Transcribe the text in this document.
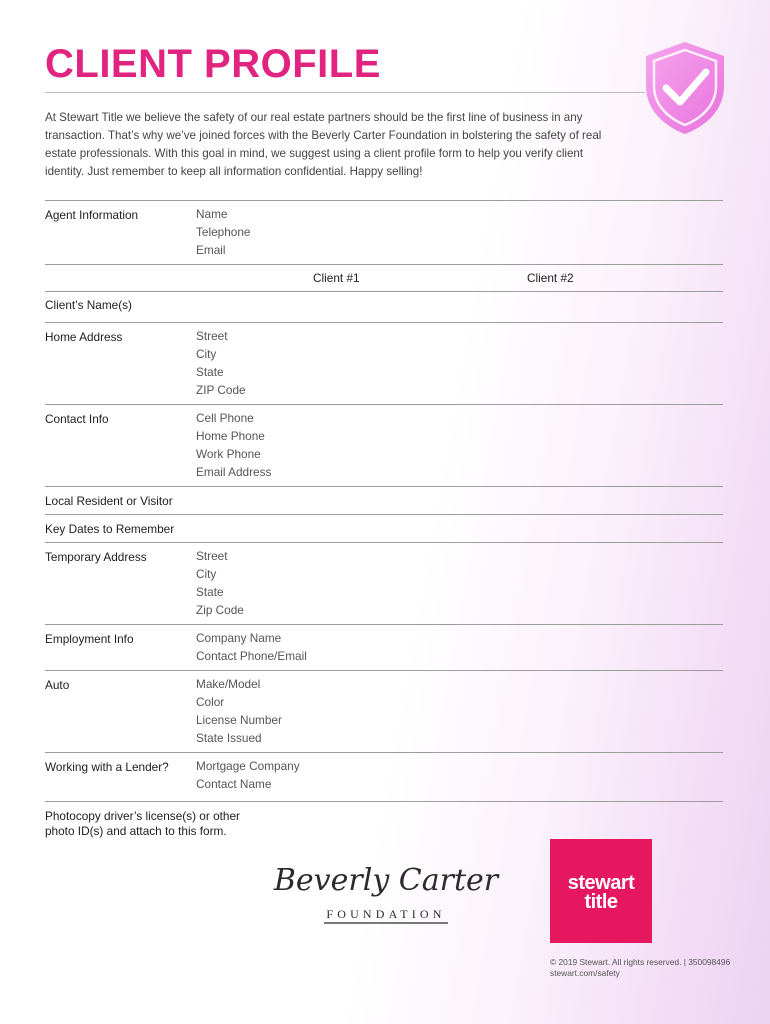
CLIENT PROFILE

At Stewart Title we believe the safety of our real estate partners should be the first line of business in any transaction. That’s why we’ve joined forces with the Beverly Carter Foundation in bolstering the safety of real estate professionals. With this goal in mind, we suggest using a client profile form to help you verify client identity. Just remember to keep all information confidential. Happy selling!

Agent Information	Name
Telephone
Email
Client #1	Client #2
Client’s Name(s)
Home Address	Street
City
State
ZIP Code
Contact Info	Cell Phone
Home Phone
Work Phone
Email Address
Local Resident or Visitor
Key Dates to Remember
Temporary Address	Street
City
State
Zip Code
Employment Info	Company Name
Contact Phone/Email
Auto	Make/Model
Color
License Number
State Issued
Working with a Lender? Mortgage Company
Contact Name
Photocopy driver’s license(s) or other
photo ID(s) and attach to this form.
Beverly Carter
FOUNDATION
stewart
title
© 2019 Stewart. All rights reserved. | 350098496
stewart.com/safety
